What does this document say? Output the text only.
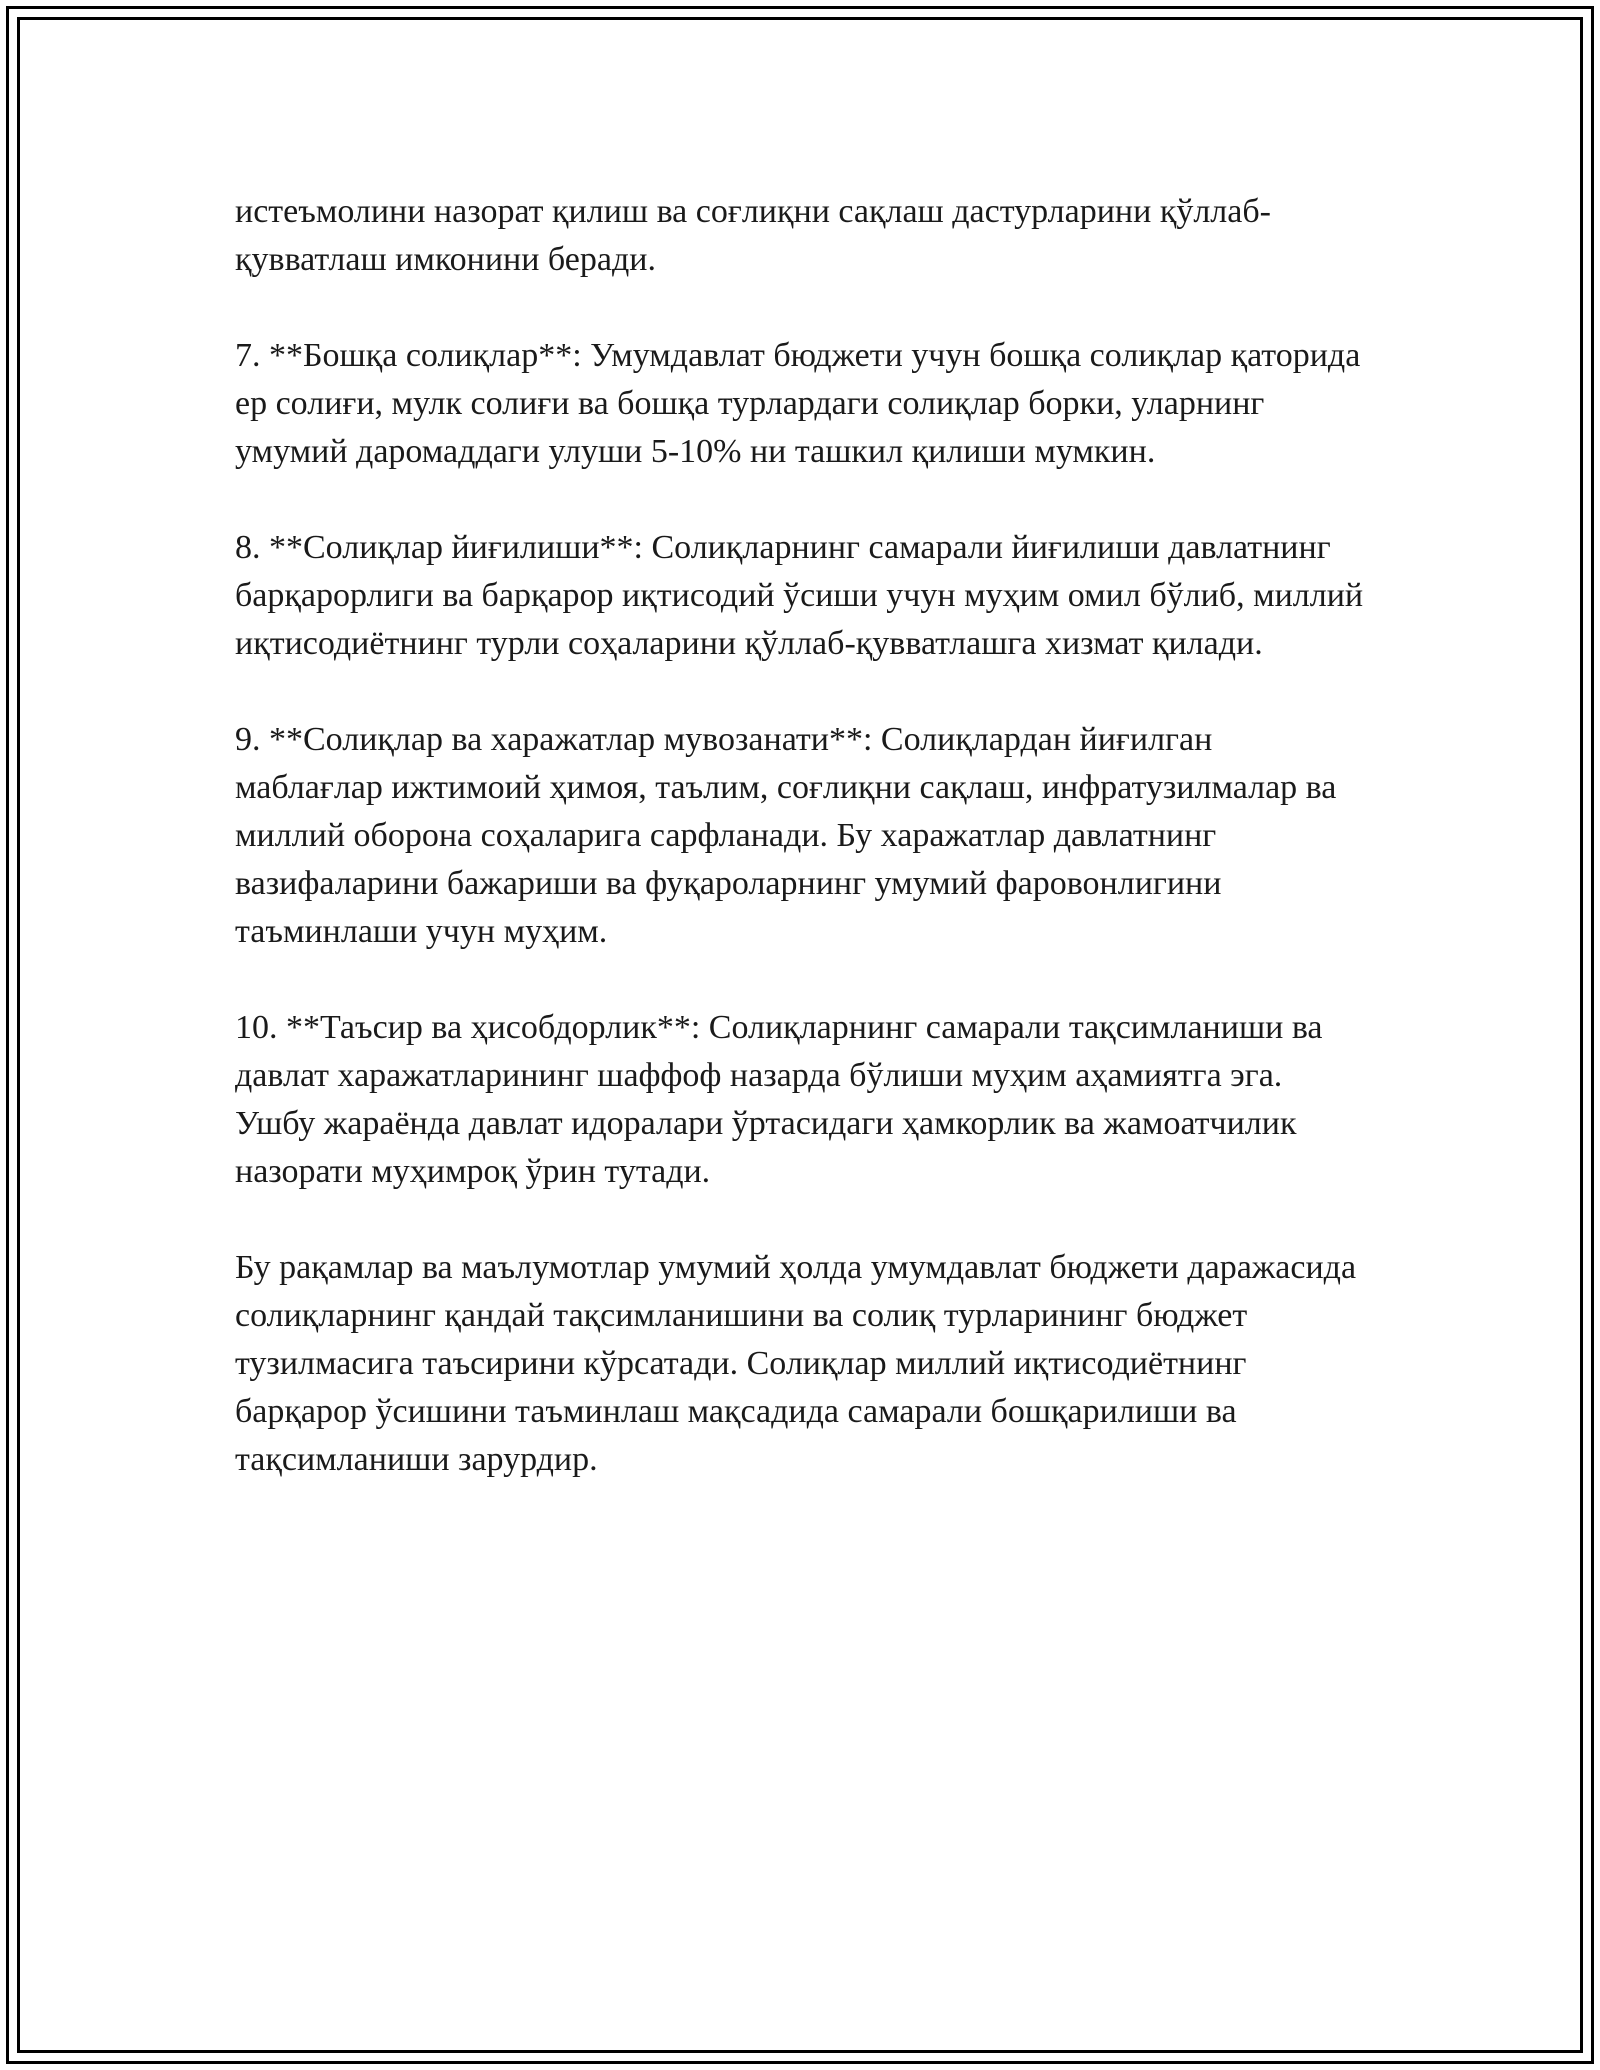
истеъмолини назорат қилиш ва соғлиқни сақлаш дастурларини қўллаб-қувватлаш имконини беради.

7. **Бошқа солиқлар**: Умумдавлат бюджети учун бошқа солиқлар қаторида ер солиғи, мулк солиғи ва бошқа турлардаги солиқлар борки, уларнинг умумий даромаддаги улуши 5-10% ни ташкил қилиши мумкин.

8. **Солиқлар йиғилиши**: Солиқларнинг самарали йиғилиши давлатнинг барқарорлиги ва барқарор иқтисодий ўсиши учун муҳим омил бўлиб, миллий иқтисодиётнинг турли соҳаларини қўллаб-қувватлашга хизмат қилади.

9. **Солиқлар ва харажатлар мувозанати**: Солиқлардан йиғилган маблағлар ижтимоий ҳимоя, таълим, соғлиқни сақлаш, инфратузилмалар ва миллий оборона соҳаларига сарфланади. Бу харажатлар давлатнинг вазифаларини бажариши ва фуқароларнинг умумий фаровонлигини таъминлаши учун муҳим.

10. **Таъсир ва ҳисобдорлик**: Солиқларнинг самарали тақсимланиши ва давлат харажатларининг шаффоф назарда бўлиши муҳим аҳамиятга эга. Ушбу жараёнда давлат идоралари ўртасидаги ҳамкорлик ва жамоатчилик назорати муҳимроқ ўрин тутади.

Бу рақамлар ва маълумотлар умумий ҳолда умумдавлат бюджети даражасида солиқларнинг қандай тақсимланишини ва солиқ турларининг бюджет тузилмасига таъсирини кўрсатади. Солиқлар миллий иқтисодиётнинг барқарор ўсишини таъминлаш мақсадида самарали бошқарилиши ва тақсимланиши зарурдир.
